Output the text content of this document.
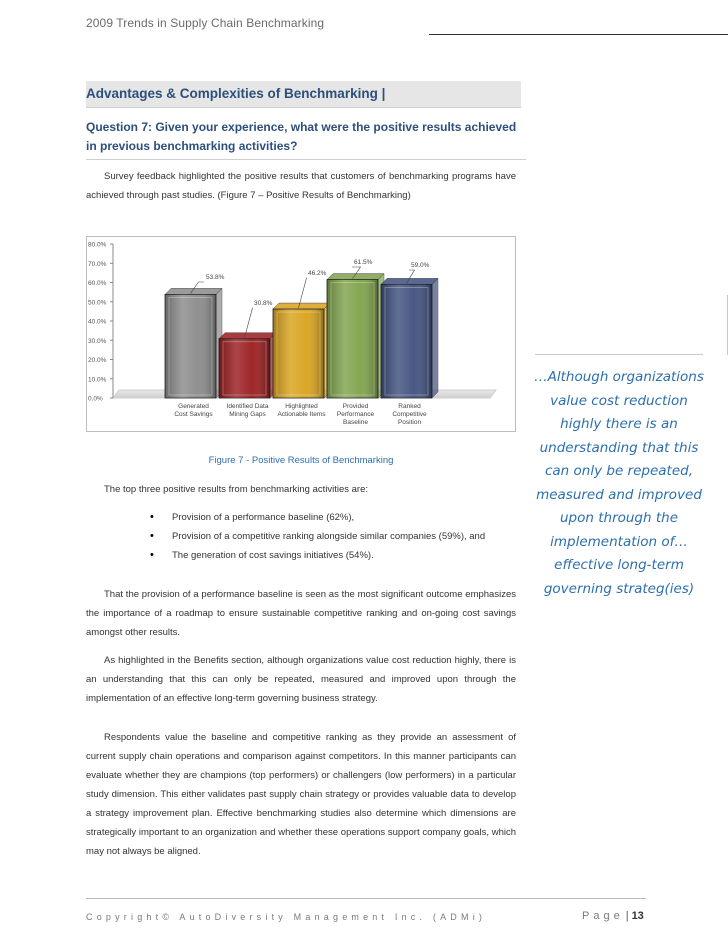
2009 Trends in Supply Chain Benchmarking
Advantages & Complexities of Benchmarking |
Question 7: Given your experience, what were the positive results achieved in previous benchmarking activities?
Survey feedback highlighted the positive results that customers of benchmarking programs have achieved through past studies. (Figure 7 – Positive Results of Benchmarking)
0.0%
10.0%
20.0%
30.0%
40.0%
50.0%
60.0%
70.0%
80.0%
53.8%
Generated
Cost Savings
30.8%
Identified Data
Mining Gaps
46.2%
Highlighted
Actionable Items
61.5%
Provided
Performance
Baseline
59.0%
Ranked
Competitive
Position
Figure 7 - Positive Results of Benchmarking
The top three positive results from benchmarking activities are:
• Provision of a performance baseline (62%),
• Provision of a competitive ranking alongside similar companies (59%), and
• The generation of cost savings initiatives (54%).
That the provision of a performance baseline is seen as the most significant outcome emphasizes the importance of a roadmap to ensure sustainable competitive ranking and on-going cost savings amongst other results.
As highlighted in the Benefits section, although organizations value cost reduction highly, there is an understanding that this can only be repeated, measured and improved upon through the implementation of an effective long-term governing business strategy.
Respondents value the baseline and competitive ranking as they provide an assessment of current supply chain operations and comparison against competitors. In this manner participants can evaluate whether they are champions (top performers) or challengers (low performers) in a particular study dimension. This either validates past supply chain strategy or provides valuable data to develop a strategy improvement plan. Effective benchmarking studies also determine which dimensions are strategically important to an organization and whether these operations support company goals, which may not always be aligned.
…Although organizations value cost reduction highly there is an understanding that this can only be repeated, measured and improved upon through the implementation of… effective long-term governing strateg(ies)
Copyright© AutoDiversity Management Inc. (ADMi)	Page | 13
